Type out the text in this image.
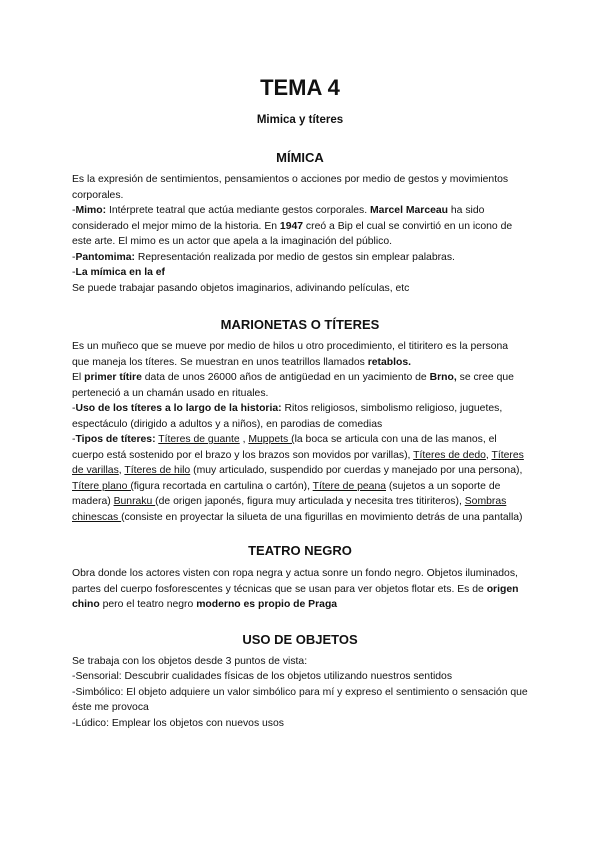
TEMA 4
Mimica y títeres
MÍMICA

Es la expresión de sentimientos, pensamientos o acciones por medio de gestos y movimientos corporales.

-Mimo: Intérprete teatral que actúa mediante gestos corporales. Marcel Marceau ha sido considerado el mejor mimo de la historia. En 1947 creó a Bip el cual se convirtió en un icono de este arte. El mimo es un actor que apela a la imaginación del público.

-Pantomima: Representación realizada por medio de gestos sin emplear palabras.

-La mímica en la ef

Se puede trabajar pasando objetos imaginarios, adivinando películas, etc

MARIONETAS O TÍTERES

Es un muñeco que se mueve por medio de hilos u otro procedimiento, el titiritero es la persona que maneja los títeres. Se muestran en unos teatrillos llamados retablos.

El primer títire data de unos 26000 años de antigüedad en un yacimiento de Brno, se cree que perteneció a un chamán usado en rituales.

-Uso de los títeres a lo largo de la historia: Ritos religiosos, simbolismo religioso, juguetes, espectáculo (dirigido a adultos y a niños), en parodias de comedias

-Tipos de títeres: Títeres de guante , Muppets (la boca se articula con una de las manos, el cuerpo está sostenido por el brazo y los brazos son movidos por varillas), Títeres de dedo, Títeres de varillas, Títeres de hilo (muy articulado, suspendido por cuerdas y manejado por una persona), Títere plano (figura recortada en cartulina o cartón), Títere de peana (sujetos a un soporte de madera) Bunraku (de origen japonés, figura muy articulada y necesita tres titiriteros), Sombras chinescas (consiste en proyectar la silueta de una figurillas en movimiento detrás de una pantalla)

TEATRO NEGRO

Obra donde los actores visten con ropa negra y actua sonre un fondo negro. Objetos iluminados, partes del cuerpo fosforescentes y técnicas que se usan para ver objetos flotar ets. Es de origen chino pero el teatro negro moderno es propio de Praga

USO DE OBJETOS

Se trabaja con los objetos desde 3 puntos de vista:

-Sensorial: Descubrir cualidades físicas de los objetos utilizando nuestros sentidos

-Simbólico: El objeto adquiere un valor simbólico para mí y expreso el sentimiento o sensación que éste me provoca

-Lúdico: Emplear los objetos con nuevos usos
